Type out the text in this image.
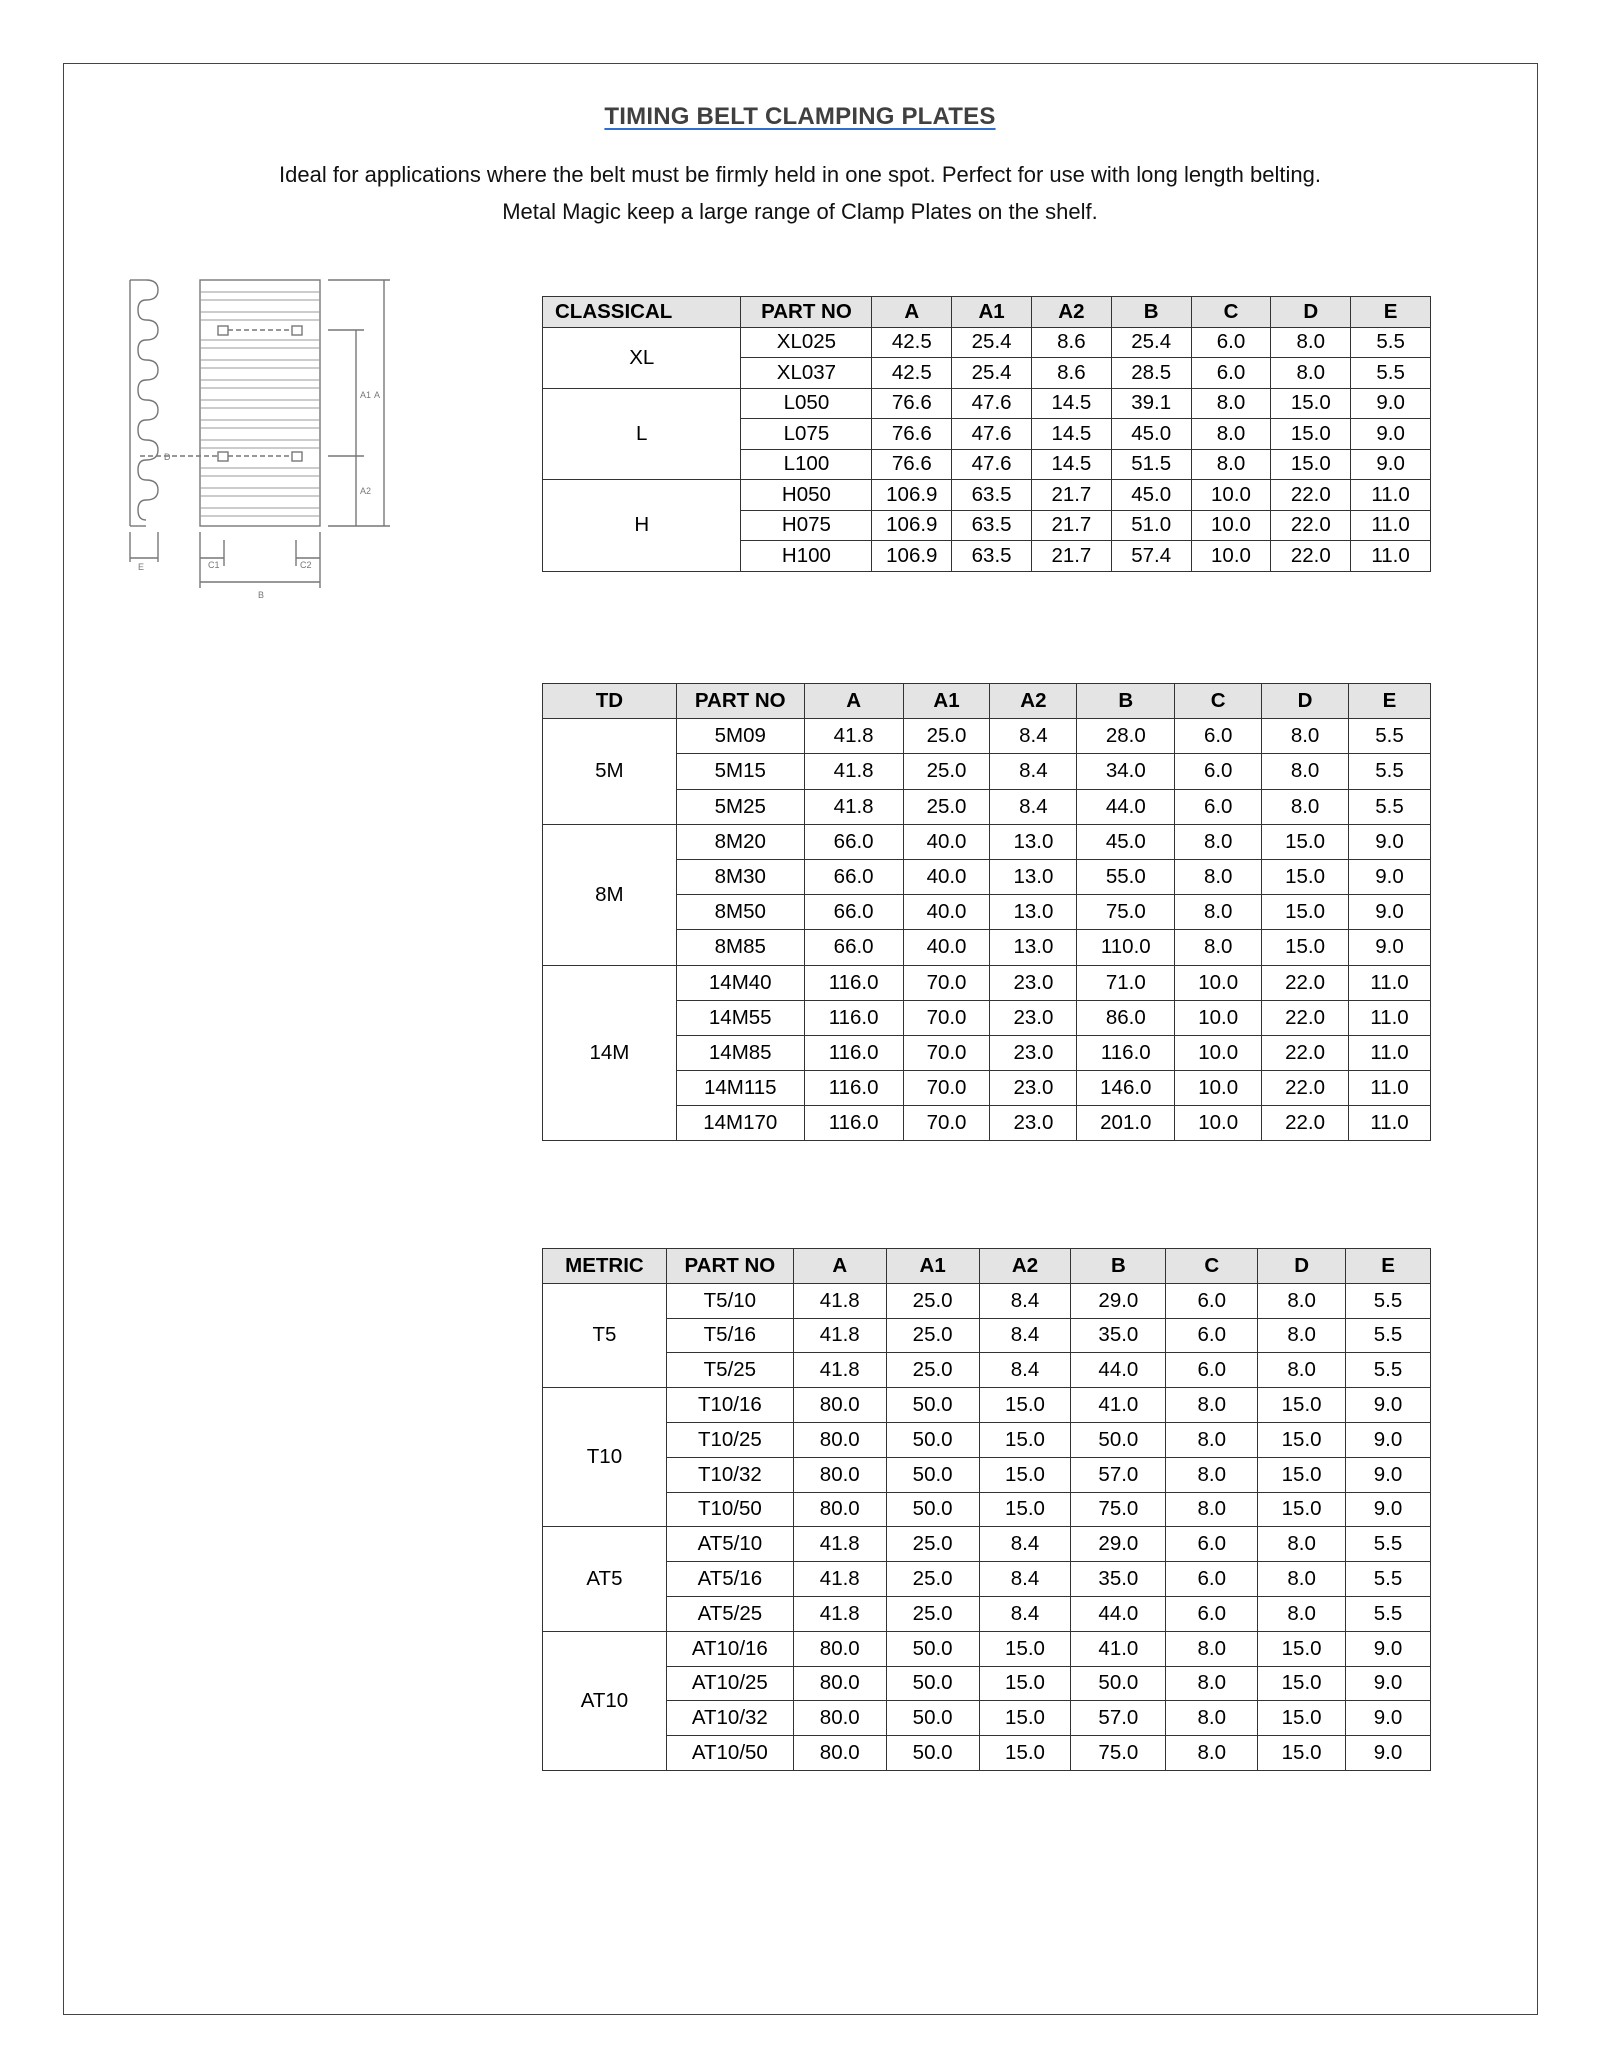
TIMING BELT CLAMPING PLATES
Ideal for applications where the belt must be firmly held in one spot. Perfect for use with long length belting.
Metal Magic keep a large range of Clamp Plates on the shelf.
A1 A
A2
D
C1	C2
B
E
CLASSICAL	PART NO	A	A1	A2	B	C	D	E
XL	XL025	42.5	25.4	8.6	25.4	6.0	8.0	5.5
	XL037	42.5	25.4	8.6	28.5	6.0	8.0	5.5
L	L050	76.6	47.6	14.5	39.1	8.0	15.0	9.0
	L075	76.6	47.6	14.5	45.0	8.0	15.0	9.0
	L100	76.6	47.6	14.5	51.5	8.0	15.0	9.0
H	H050	106.9	63.5	21.7	45.0	10.0	22.0	11.0
	H075	106.9	63.5	21.7	51.0	10.0	22.0	11.0
	H100	106.9	63.5	21.7	57.4	10.0	22.0	11.0
TD	PART NO	A	A1	A2	B	C	D	E
5M	5M09	41.8	25.0	8.4	28.0	6.0	8.0	5.5
	5M15	41.8	25.0	8.4	34.0	6.0	8.0	5.5
	5M25	41.8	25.0	8.4	44.0	6.0	8.0	5.5
8M	8M20	66.0	40.0	13.0	45.0	8.0	15.0	9.0
	8M30	66.0	40.0	13.0	55.0	8.0	15.0	9.0
	8M50	66.0	40.0	13.0	75.0	8.0	15.0	9.0
	8M85	66.0	40.0	13.0	110.0	8.0	15.0	9.0
14M	14M40	116.0	70.0	23.0	71.0	10.0	22.0	11.0
	14M55	116.0	70.0	23.0	86.0	10.0	22.0	11.0
	14M85	116.0	70.0	23.0	116.0	10.0	22.0	11.0
	14M115	116.0	70.0	23.0	146.0	10.0	22.0	11.0
	14M170	116.0	70.0	23.0	201.0	10.0	22.0	11.0
METRIC	PART NO	A	A1	A2	B	C	D	E
T5	T5/10	41.8	25.0	8.4	29.0	6.0	8.0	5.5
	T5/16	41.8	25.0	8.4	35.0	6.0	8.0	5.5
	T5/25	41.8	25.0	8.4	44.0	6.0	8.0	5.5
T10	T10/16	80.0	50.0	15.0	41.0	8.0	15.0	9.0
	T10/25	80.0	50.0	15.0	50.0	8.0	15.0	9.0
	T10/32	80.0	50.0	15.0	57.0	8.0	15.0	9.0
	T10/50	80.0	50.0	15.0	75.0	8.0	15.0	9.0
AT5	AT5/10	41.8	25.0	8.4	29.0	6.0	8.0	5.5
	AT5/16	41.8	25.0	8.4	35.0	6.0	8.0	5.5
	AT5/25	41.8	25.0	8.4	44.0	6.0	8.0	5.5
AT10	AT10/16	80.0	50.0	15.0	41.0	8.0	15.0	9.0
	AT10/25	80.0	50.0	15.0	50.0	8.0	15.0	9.0
	AT10/32	80.0	50.0	15.0	57.0	8.0	15.0	9.0
	AT10/50	80.0	50.0	15.0	75.0	8.0	15.0	9.0
